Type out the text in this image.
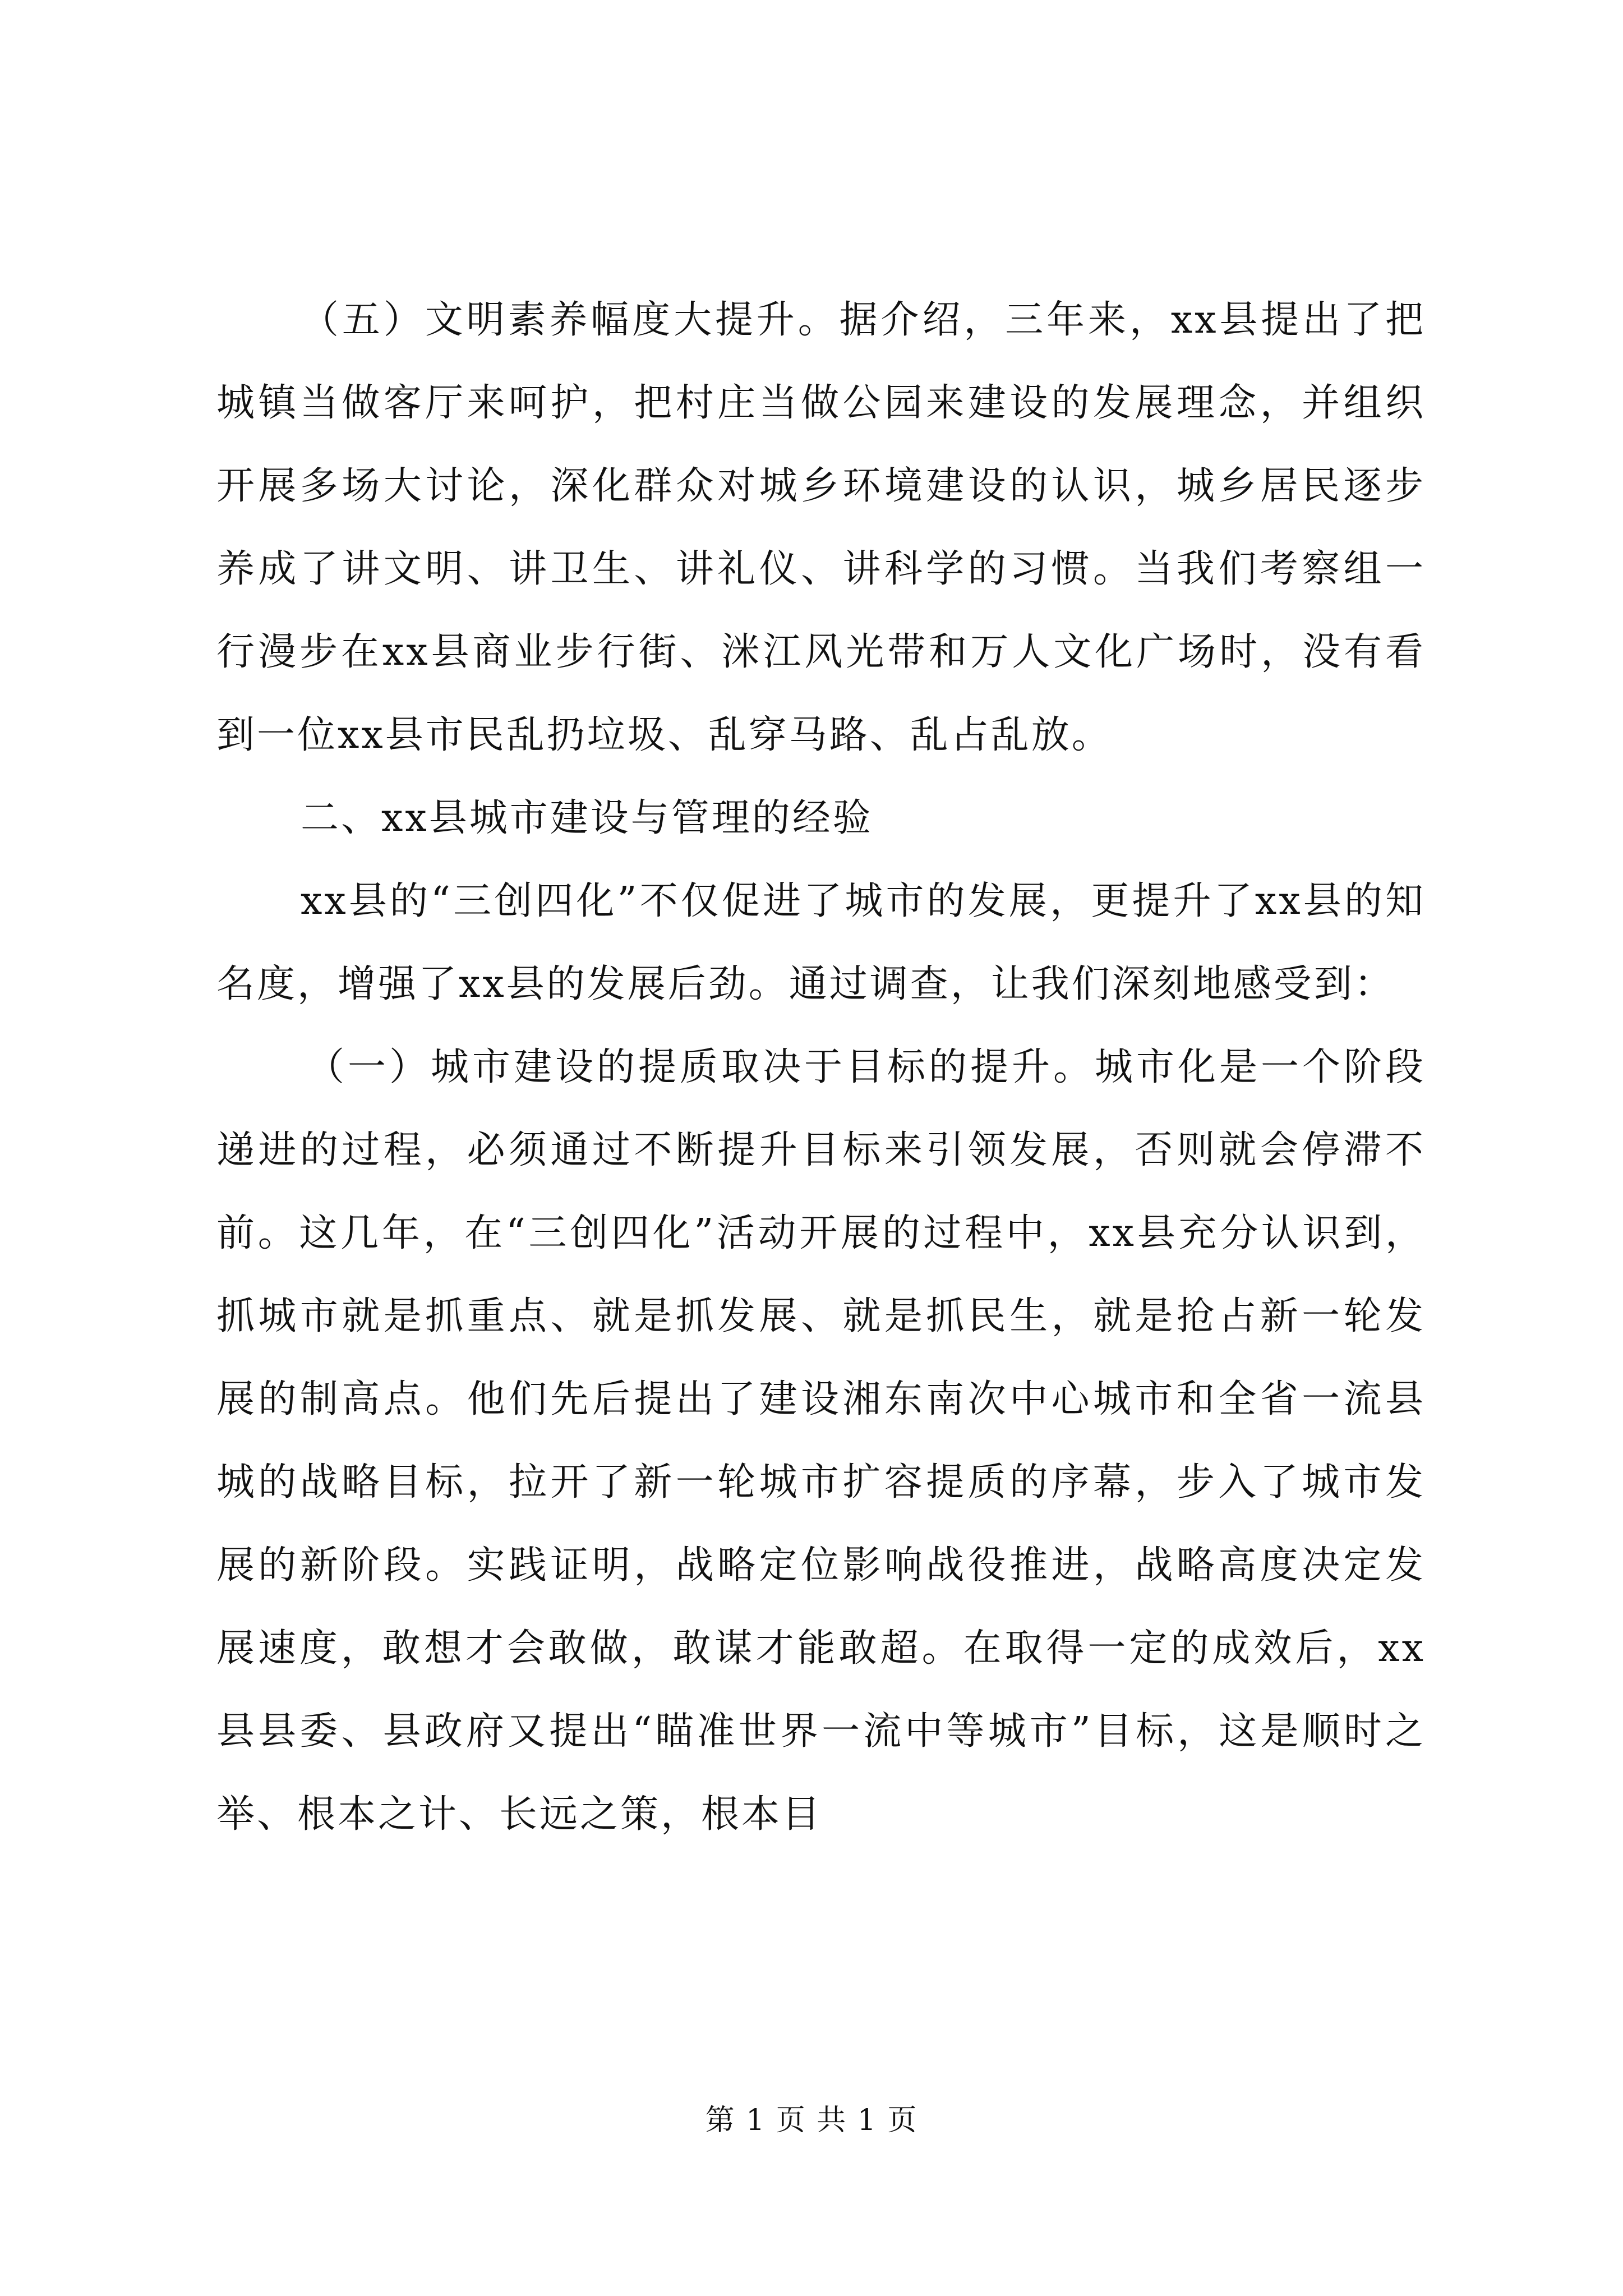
（五）文明素养幅度大提升。据介绍，三年来，xx县提出了把城镇当做客厅来呵护，把村庄当做公园来建设的发展理念，并组织开展多场大讨论，深化群众对城乡环境建设的认识，城乡居民逐步养成了讲文明、讲卫生、讲礼仪、讲科学的习惯。当我们考察组一行漫步在xx县商业步行街、洣江风光带和万人文化广场时，没有看到一位xx县市民乱扔垃圾、乱穿马路、乱占乱放。

二、xx县城市建设与管理的经验

xx县的“三创四化”不仅促进了城市的发展，更提升了xx县的知名度，增强了xx县的发展后劲。通过调查，让我们深刻地感受到：

（一）城市建设的提质取决于目标的提升。城市化是一个阶段递进的过程，必须通过不断提升目标来引领发展，否则就会停滞不前。这几年，在“三创四化”活动开展的过程中，xx县充分认识到，抓城市就是抓重点、就是抓发展、就是抓民生，就是抢占新一轮发展的制高点。他们先后提出了建设湘东南次中心城市和全省一流县城的战略目标，拉开了新一轮城市扩容提质的序幕，步入了城市发展的新阶段。实践证明，战略定位影响战役推进，战略高度决定发展速度，敢想才会敢做，敢谋才能敢超。在取得一定的成效后，xx县县委、县政府又提出“瞄准世界一流中等城市”目标，这是顺时之举、根本之计、长远之策，根本目

第 1 页 共 1 页
